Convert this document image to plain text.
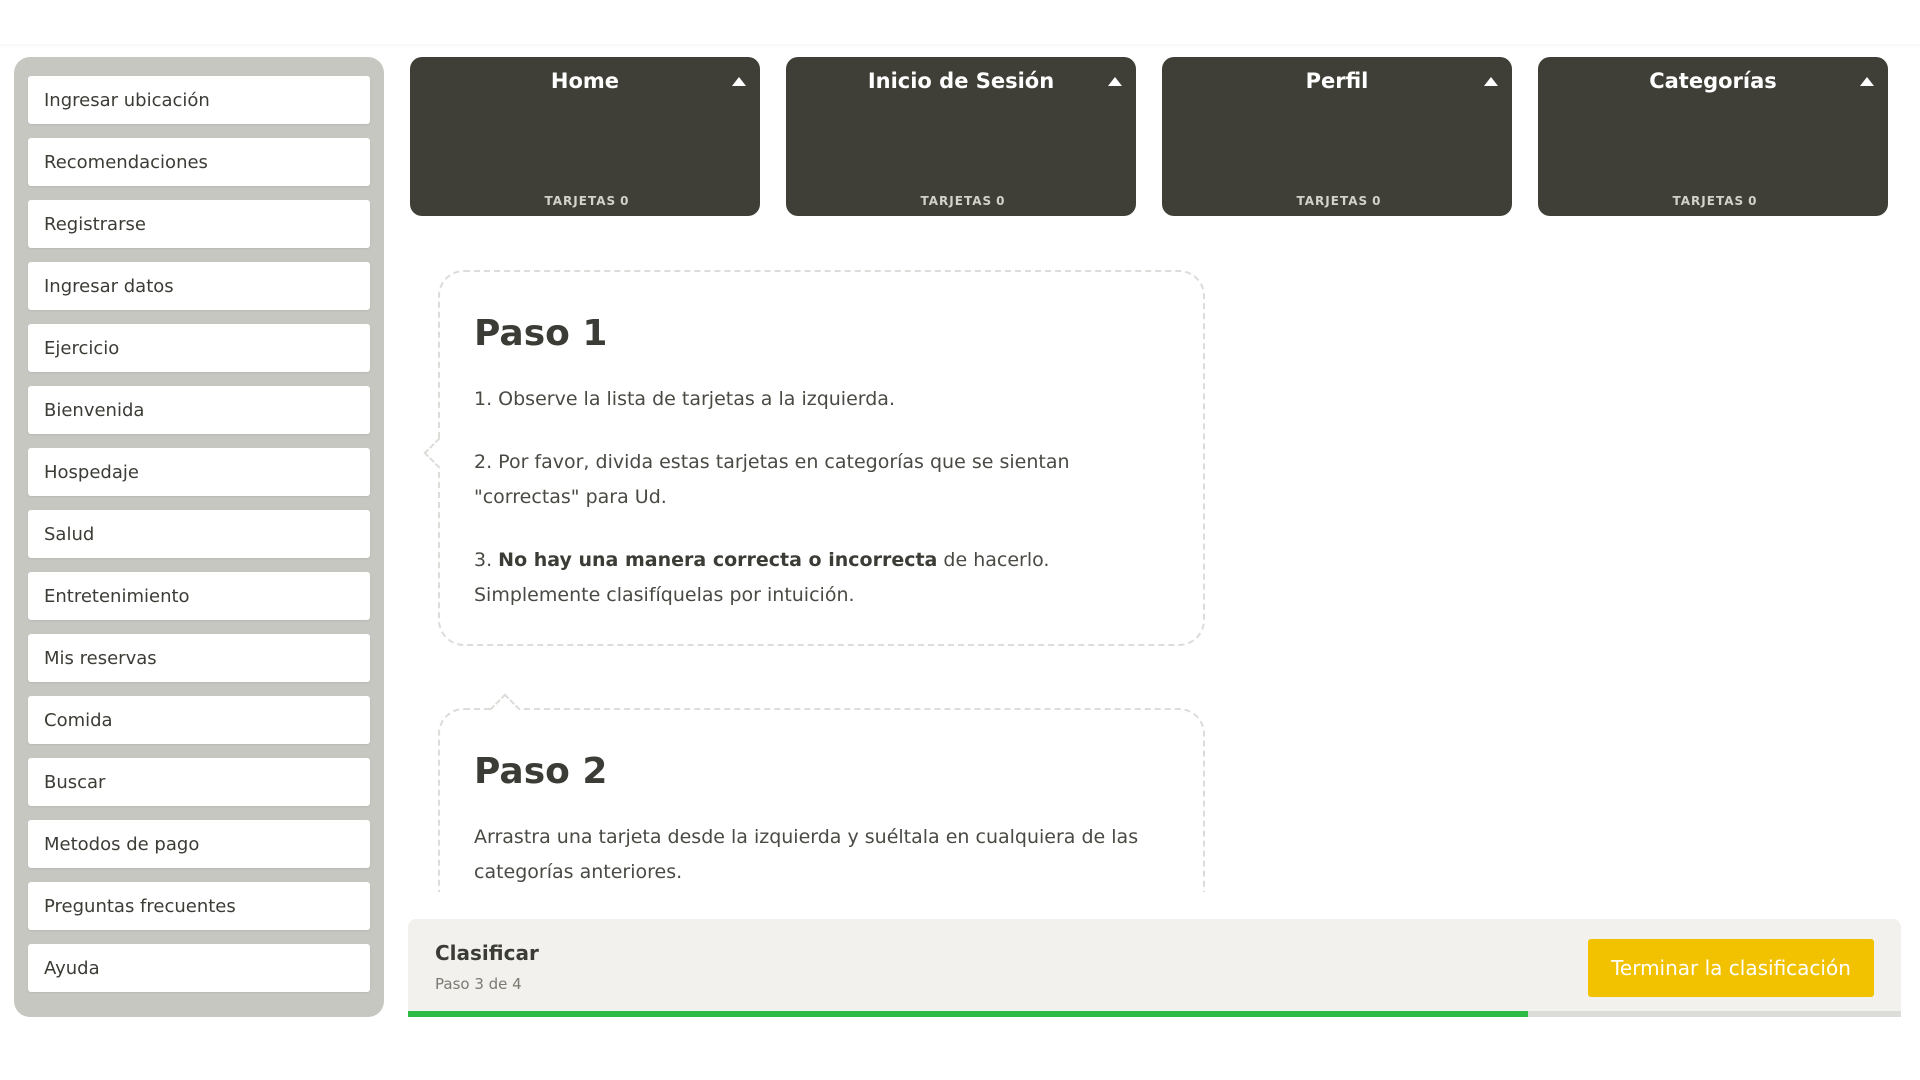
Ingresar ubicación
Recomendaciones
Registrarse
Ingresar datos
Ejercicio
Bienvenida
Hospedaje
Salud
Entretenimiento
Mis reservas
Comida
Buscar
Metodos de pago
Preguntas frecuentes
Ayuda
Home
TARJETAS 0
Inicio de Sesión
TARJETAS 0
Perfil
TARJETAS 0
Categorías
TARJETAS 0
Paso 1

1. Observe la lista de tarjetas a la izquierda.

2. Por favor, divida estas tarjetas en categorías que se sientan "correctas" para Ud.

3. No hay una manera correcta o incorrecta de hacerlo. Simplemente clasifíquelas por intuición.

Paso 2

Arrastra una tarjeta desde la izquierda y suéltala en cualquiera de las categorías anteriores.

Clasificar
Paso 3 de 4
Terminar la clasificación
